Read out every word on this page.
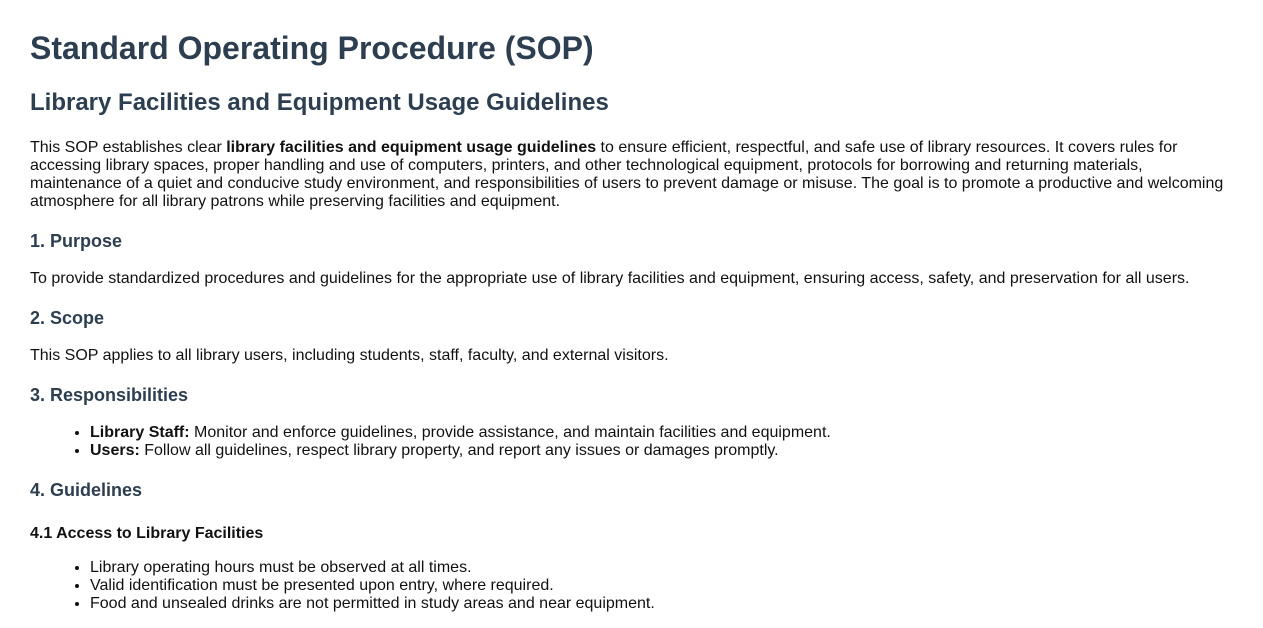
Standard Operating Procedure (SOP)
Library Facilities and Equipment Usage Guidelines

This SOP establishes clear library facilities and equipment usage guidelines to ensure efficient, respectful, and safe use of library resources. It covers rules for accessing library spaces, proper handling and use of computers, printers, and other technological equipment, protocols for borrowing and returning materials, maintenance of a quiet and conducive study environment, and responsibilities of users to prevent damage or misuse. The goal is to promote a productive and welcoming atmosphere for all library patrons while preserving facilities and equipment.

1. Purpose

To provide standardized procedures and guidelines for the appropriate use of library facilities and equipment, ensuring access, safety, and preservation for all users.

2. Scope

This SOP applies to all library users, including students, staff, faculty, and external visitors.

3. Responsibilities
• Library Staff: Monitor and enforce guidelines, provide assistance, and maintain facilities and equipment.
• Users: Follow all guidelines, respect library property, and report any issues or damages promptly.
4. Guidelines
4.1 Access to Library Facilities
• Library operating hours must be observed at all times.
• Valid identification must be presented upon entry, where required.
• Food and unsealed drinks are not permitted in study areas and near equipment.
